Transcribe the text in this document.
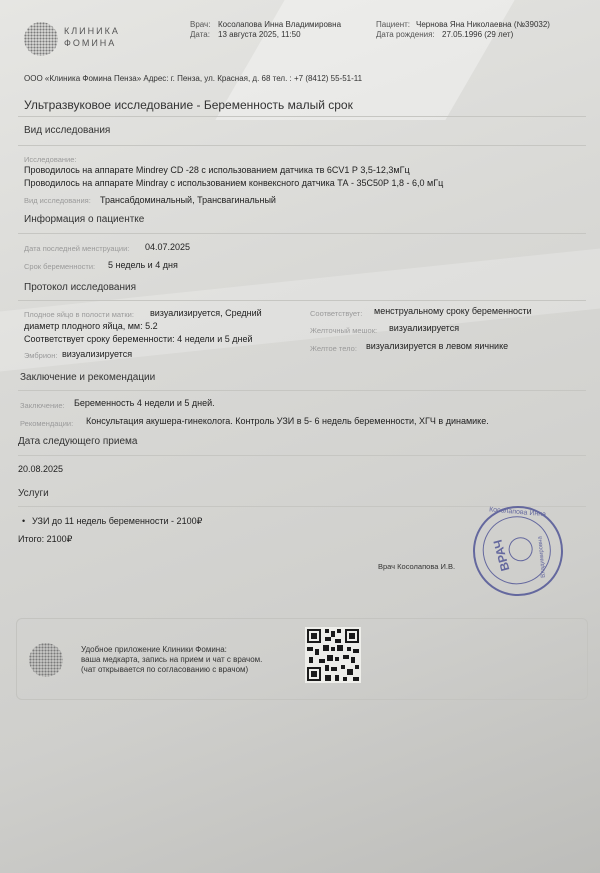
КЛИНИКА
ФОМИНА
Врач: Косолапова Инна Владимировна
Дата: 13 августа 2025, 11:50
Пациент: Чернова Яна Николаевна (№39032)
Дата рождения: 27.05.1996 (29 лет)
ООО «Клиника Фомина Пенза» Адрес: г. Пенза, ул. Красная, д. 68 тел. : +7 (8412) 55-51-11
Ультразвуковое исследование - Беременность малый срок
Вид исследования
Исследование:
Проводилось на аппарате Mindrey CD -28 с использованием датчика тв 6CV1 Р 3,5-12,3мГц
Проводилось на аппарате Mindray с использованием конвексного датчика ТА - 35С50Р 1,8 - 6,0 мГц
Вид исследования: Трансабдоминальный, Трансвагинальный
Информация о пациентке
Дата последней менструации: 04.07.2025
Срок беременности: 5 недель и 4 дня
Протокол исследования
Плодное яйцо в полости матки: визуализируется, Средний
диаметр плодного яйца, мм: 5.2
Соответствует сроку беременности: 4 недели и 5 дней
Эмбрион: визуализируется
Соответствует: менструальному сроку беременности
Желточный мешок: визуализируется
Желтое тело: визуализируется в левом яичнике
Заключение и рекомендации
Заключение: Беременность 4 недели и 5 дней.
Рекомендации: Консультация акушера-гинеколога. Контроль УЗИ в 5- 6 недель беременности, ХГЧ в динамике.
Дата следующего приема
20.08.2025
Услуги
• УЗИ до 11 недель беременности - 2100₽
Итого: 2100₽
Косолапова Инна
Владимировна
ВРАЧ
Врач Косолапова И.В.
Удобное приложение Клиники Фомина:
ваша медкарта, запись на прием и чат с врачом.
(чат открывается по согласованию с врачом)
